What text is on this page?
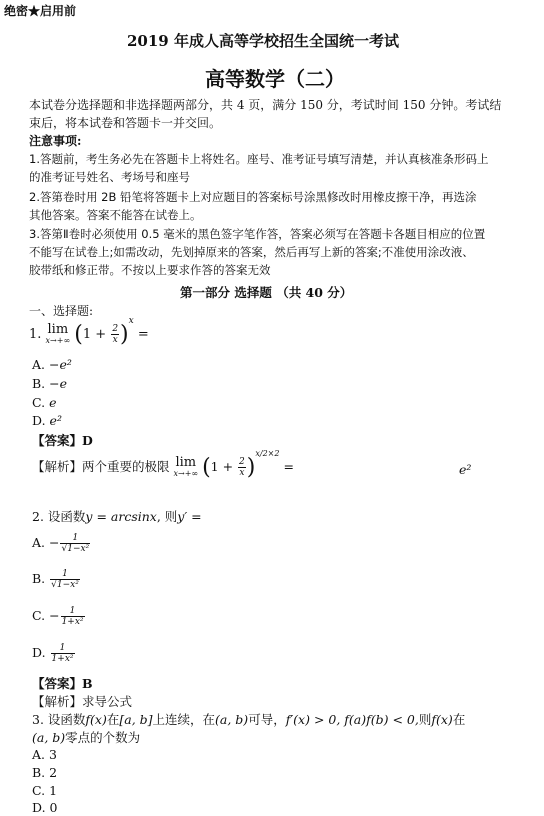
绝密★启用前
2019 年成人高等学校招生全国统一考试
高等数学（二）
本试卷分选择题和非选择题两部分，共 4 页，满分 150 分，考试时间 150 分钟。考试结
束后，将本试卷和答题卡一并交回。
注意事项:
1.答题前，考生务必先在答题卡上将姓名。座号、准考证号填写清楚，并认真核准条形码上
的准考证号姓名、考场号和座号
2.答第卷时用 2B 铅笔将答题卡上对应题目的答案标号涂黑修改时用橡皮擦干净，再选涂
其他答案。答案不能答在试卷上。
3.答第Ⅱ卷时必须使用 0.5 毫米的黑色签字笔作答，答案必须写在答题卡各题目相应的位置
不能写在试卷上;如需改动，先划掉原来的答案，然后再写上新的答案;不准使用涂改液、
胶带纸和修正带。不按以上要求作答的答案无效
第一部分 选择题 （共 40 分）
一、选择题:
1. lim
x→+∞ $(1 + \frac{2}{x} )^x$ =
A. −e²
B. −e
C. e
D. e²
【答案】D
【解析】两个重要的极限 lim
x→+∞ $(1 + \frac{2}{x} )^{x/2\times 2}$ =	e²
2. 设函数y = arcsinx, 则y′ =
A. − $\frac{1}{\text{√1−x²}}$
B. $\frac{1}{\text{√1−x²}}$
C. − $\frac{1}{\text{1+x²}}$
D. $\frac{1}{\text{1+x²}}$
【答案】B
【解析】求导公式
3. 设函数f(x)在[a, b]上连续，在(a, b)可导，f′(x) > 0, f(a)f(b) < 0,则f(x)在
(a, b)零点的个数为
A. 3
B. 2
C. 1
D. 0
